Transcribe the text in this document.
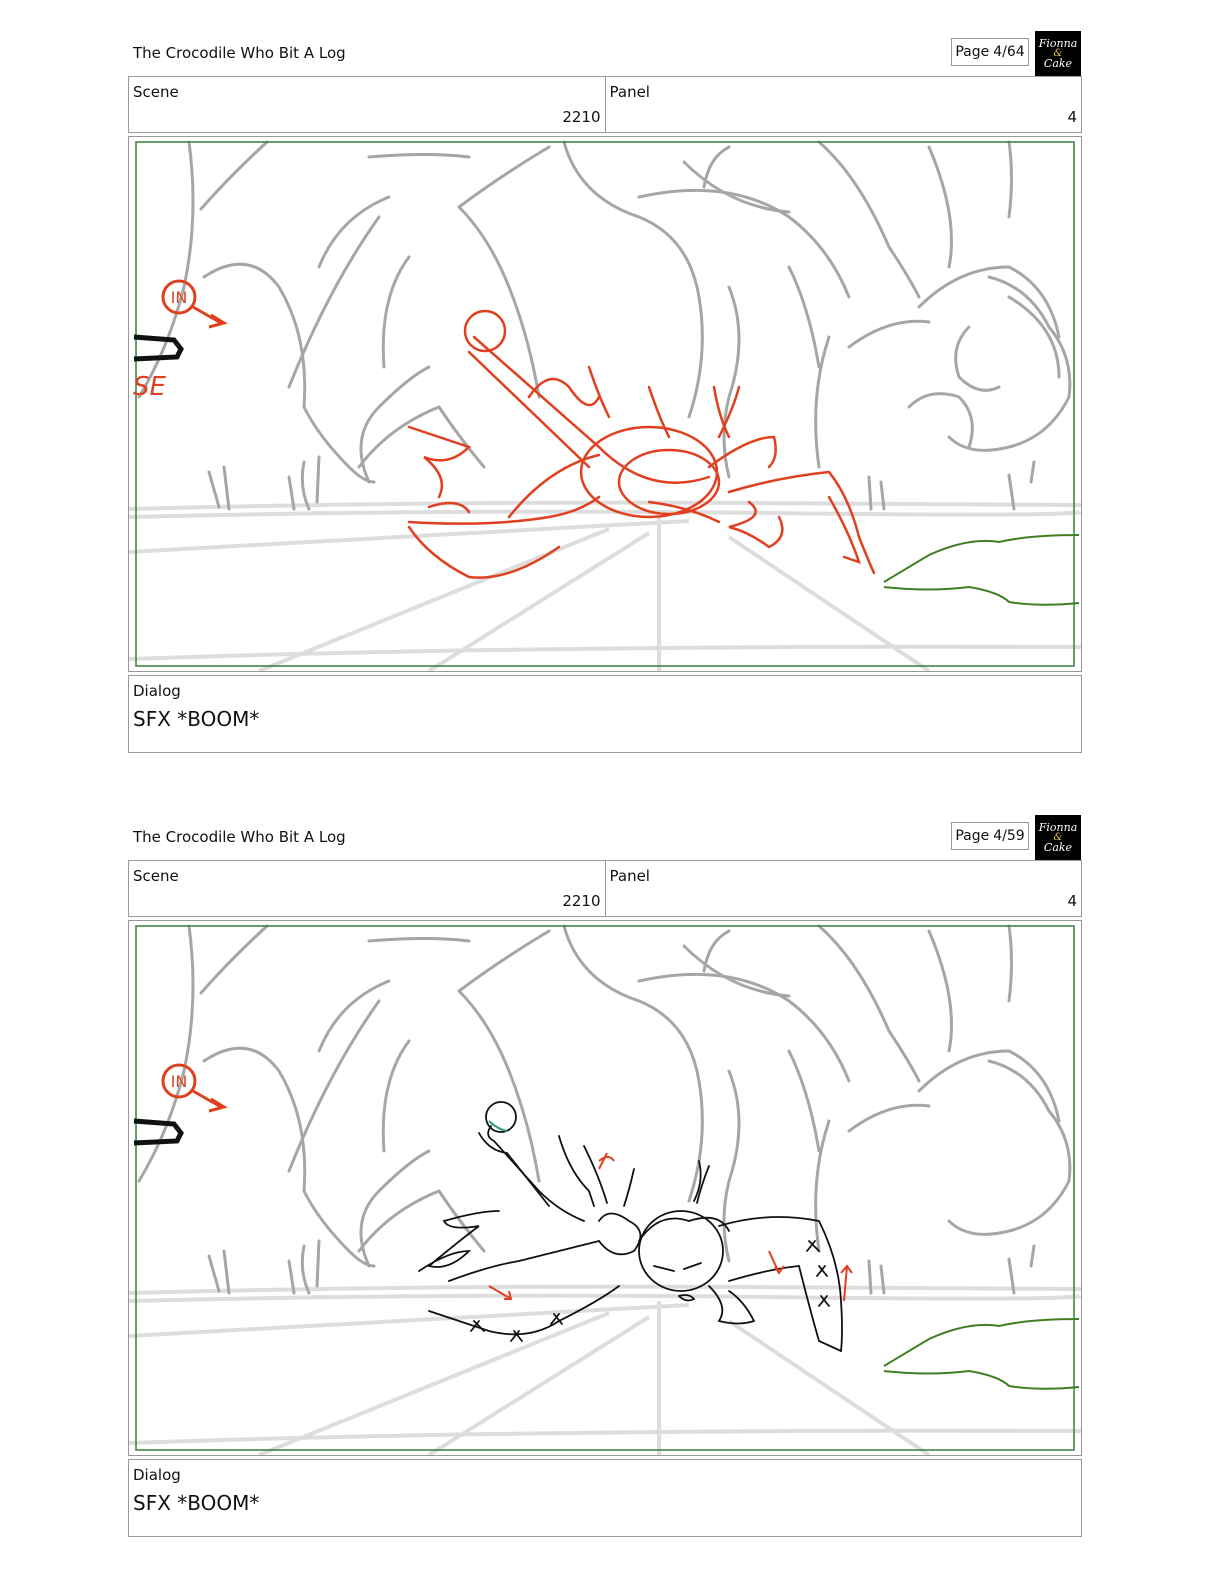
The Crocodile Who Bit A Log	Page 4/64
Fionna
&
Cake
Scene
2210
Panel
4
IN
SE
Dialog
SFX *BOOM*
The Crocodile Who Bit A Log	Page 4/59
Fionna
&
Cake
Scene
2210
Panel
4
IN
Dialog
SFX *BOOM*
